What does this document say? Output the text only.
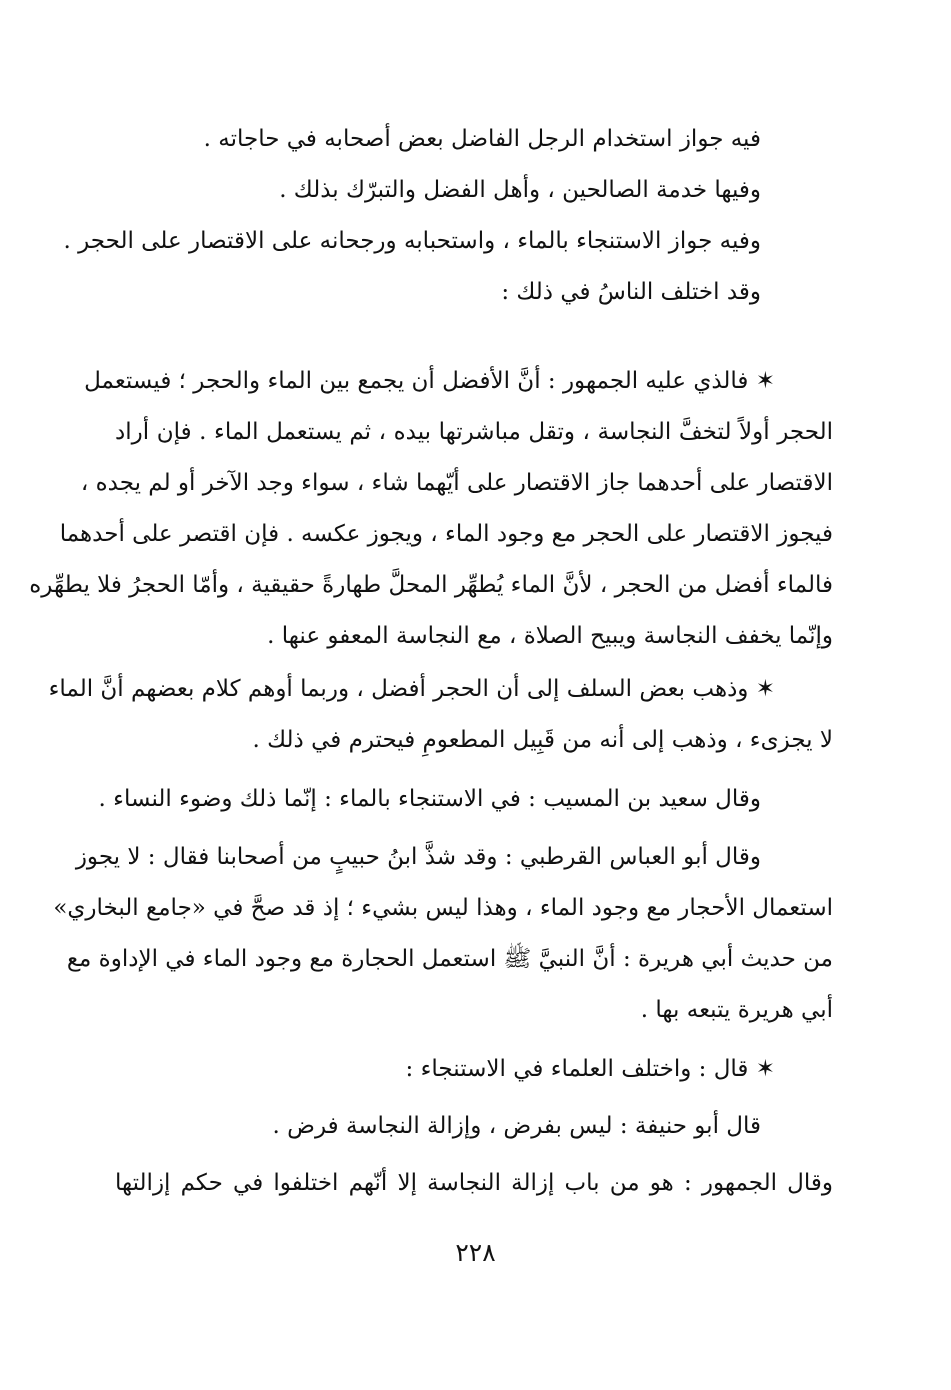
فيه جواز استخدام الرجل الفاضل بعض أصحابه في حاجاته .
وفيها خدمة الصالحين ، وأهل الفضل والتبرّك بذلك .
وفيه جواز الاستنجاء بالماء ، واستحبابه ورجحانه على الاقتصار على الحجر .
وقد اختلف الناسُ في ذلك :
✶ فالذي عليه الجمهور : أنَّ الأفضل أن يجمع بين الماء والحجر ؛ فيستعمل
الحجر أولاً لتخفَّ النجاسة ، وتقل مباشرتها بيده ، ثم يستعمل الماء . فإن أراد
الاقتصار على أحدهما جاز الاقتصار على أيّهما شاء ، سواء وجد الآخر أو لم يجده ،
فيجوز الاقتصار على الحجر مع وجود الماء ، ويجوز عكسه . فإن اقتصر على أحدهما
فالماء أفضل من الحجر ، لأنَّ الماء يُطهِّر المحلَّ طهارةً حقيقية ، وأمّا الحجرُ فلا يطهِّره
وإنّما يخفف النجاسة ويبيح الصلاة ، مع النجاسة المعفو عنها .
✶ وذهب بعض السلف إلى أن الحجر أفضل ، وربما أوهم كلام بعضهم أنَّ الماء
لا يجزىء ، وذهب إلى أنه من قَبِيل المطعومِ فيحترم في ذلك .
وقال سعيد بن المسيب : في الاستنجاء بالماء : إنّما ذلك وضوء النساء .
وقال أبو العباس القرطبي : وقد شذَّ ابنُ حبيبٍ من أصحابنا فقال : لا يجوز
استعمال الأحجار مع وجود الماء ، وهذا ليس بشيء ؛ إذ قد صحَّ في «جامع البخاري»
من حديث أبي هريرة : أنَّ النبيَّ ﷺ استعمل الحجارة مع وجود الماء في الإداوة مع
أبي هريرة يتبعه بها .
✶ قال : واختلف العلماء في الاستنجاء :
قال أبو حنيفة : ليس بفرض ، وإزالة النجاسة فرض .
وقال الجمهور : هو من باب إزالة النجاسة إلا أنّهم اختلفوا في حكم إزالتها
٢٢٨
